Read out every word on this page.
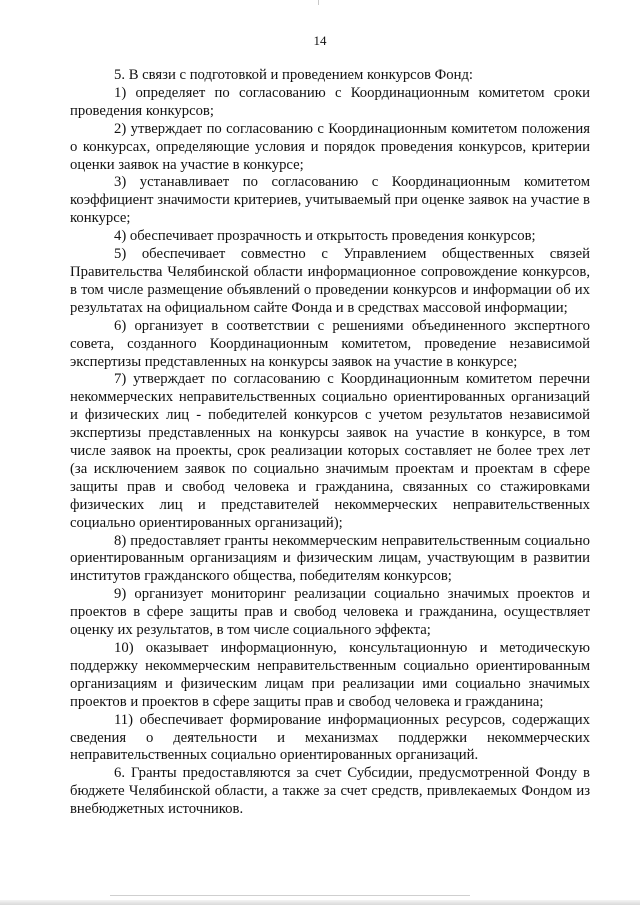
14

5. В связи с подготовкой и проведением конкурсов Фонд:

1) определяет по согласованию с Координационным комитетом сроки проведения конкурсов;

2) утверждает по согласованию с Координационным комитетом положения о конкурсах, определяющие условия и порядок проведения конкурсов, критерии оценки заявок на участие в конкурсе;

3) устанавливает по согласованию с Координационным комитетом коэффициент значимости критериев, учитываемый при оценке заявок на участие в конкурсе;

4) обеспечивает прозрачность и открытость проведения конкурсов;

5) обеспечивает совместно с Управлением общественных связей Правительства Челябинской области информационное сопровождение конкурсов, в том числе размещение объявлений о проведении конкурсов и информации об их результатах на официальном сайте Фонда и в средствах массовой информации;

6) организует в соответствии с решениями объединенного экспертного совета, созданного Координационным комитетом, проведение независимой экспертизы представленных на конкурсы заявок на участие в конкурсе;

7) утверждает по согласованию с Координационным комитетом перечни некоммерческих неправительственных социально ориентированных организаций и физических лиц - победителей конкурсов с учетом результатов независимой экспертизы представленных на конкурсы заявок на участие в конкурсе, в том числе заявок на проекты, срок реализации которых составляет не более трех лет (за исключением заявок по социально значимым проектам и проектам в сфере защиты прав и свобод человека и гражданина, связанных со стажировками физических лиц и представителей некоммерческих неправительственных социально ориентированных организаций);

8) предоставляет гранты некоммерческим неправительственным социально ориентированным организациям и физическим лицам, участвующим в развитии институтов гражданского общества, победителям конкурсов;

9) организует мониторинг реализации социально значимых проектов и проектов в сфере защиты прав и свобод человека и гражданина, осуществляет оценку их результатов, в том числе социального эффекта;

10) оказывает информационную, консультационную и методическую поддержку некоммерческим неправительственным социально ориентированным организациям и физическим лицам при реализации ими социально значимых проектов и проектов в сфере защиты прав и свобод человека и гражданина;

11) обеспечивает формирование информационных ресурсов, содержащих сведения о деятельности и механизмах поддержки некоммерческих неправительственных социально ориентированных организаций.

6. Гранты предоставляются за счет Субсидии, предусмотренной Фонду в бюджете Челябинской области, а также за счет средств, привлекаемых Фондом из внебюджетных источников.
